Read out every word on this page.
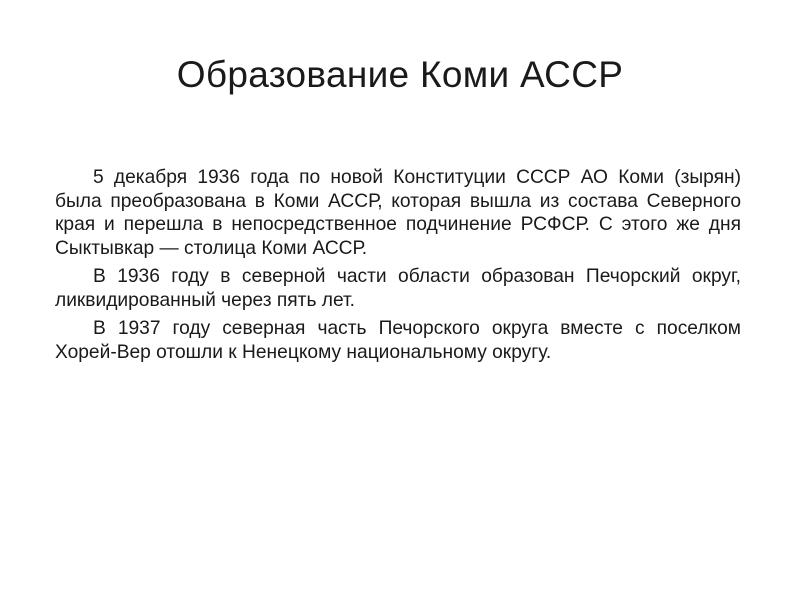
Образование Коми АССР

5 декабря 1936 года по новой Конституции СССР АО Коми (зырян) была преобразована в Коми АССР, которая вышла из состава Северного края и перешла в непосредственное подчинение РСФСР. С этого же дня Сыктывкар — столица Коми АССР.

В 1936 году в северной части области образован Печорский округ, ликвидированный через пять лет.

В 1937 году северная часть Печорского округа вместе с поселком Хорей-Вер отошли к Ненецкому национальному округу.
